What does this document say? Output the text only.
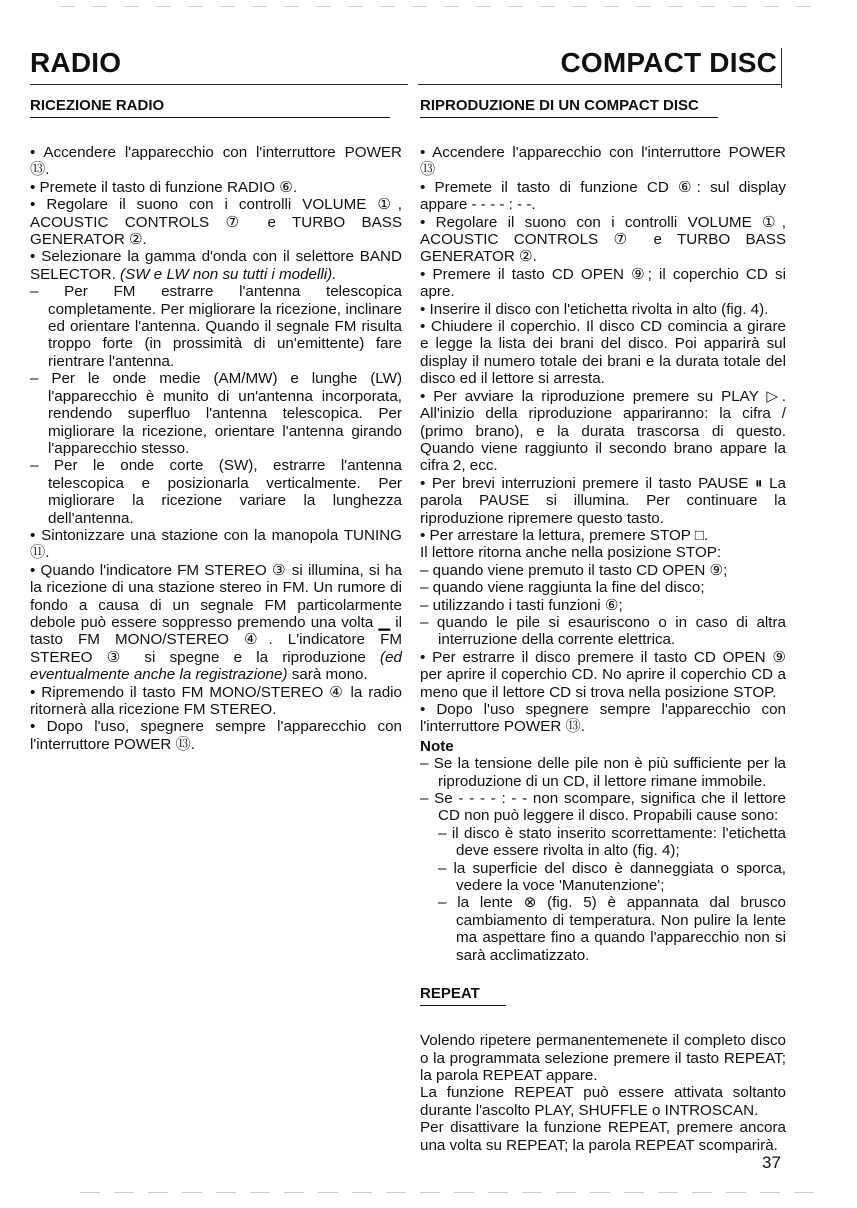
RADIO	COMPACT DISC
RICEZIONE RADIO

• Accendere l'apparecchio con l'interruttore POWER ⑬.

• Premete il tasto di funzione RADIO ⑥.

• Regolare il suono con i controlli VOLUME ①, ACOUSTIC CONTROLS ⑦ e TURBO BASS GENERATOR ②.

• Selezionare la gamma d'onda con il selettore BAND SELECTOR. (SW e LW non su tutti i modelli).

– Per FM estrarre l'antenna telescopica completamente. Per migliorare la ricezione, inclinare ed orientare l'antenna. Quando il segnale FM risulta troppo forte (in prossimità di un'emittente) fare rientrare l'antenna.

– Per le onde medie (AM/MW) e lunghe (LW) l'apparecchio è munito di un'antenna incorporata, rendendo superfluo l'antenna telescopica. Per migliorare la ricezione, orientare l'antenna girando l'apparecchio stesso.

– Per le onde corte (SW), estrarre l'antenna telescopica e posizionarla verticalmente. Per migliorare la ricezione variare la lunghezza dell'antenna.

• Sintonizzare una stazione con la manopola TUNING ⑪.

• Quando l'indicatore FM STEREO ③ si illumina, si ha la ricezione di una stazione stereo in FM. Un rumore di fondo a causa di un segnale FM particolarmente debole può essere soppresso premendo una volta ▁ il tasto FM MONO/STEREO ④. L'indicatore FM STEREO ③ si spegne e la riproduzione (ed eventualmente anche la registrazione) sarà mono.

• Ripremendo il tasto FM MONO/STEREO ④ la radio ritornerà alla ricezione FM STEREO.

• Dopo l'uso, spegnere sempre l'apparecchio con l'interruttore POWER ⑬.

RIPRODUZIONE DI UN COMPACT DISC

• Accendere l'apparecchio con l'interruttore POWER ⑬

• Premete il tasto di funzione CD ⑥: sul display appare - - - - : - -.

• Regolare il suono con i controlli VOLUME ①, ACOUSTIC CONTROLS ⑦ e TURBO BASS GENERATOR ②.

• Premere il tasto CD OPEN ⑨; il coperchio CD si apre.

• Inserire il disco con l'etichetta rivolta in alto (fig. 4).

• Chiudere il coperchio. Il disco CD comincia a girare e legge la lista dei brani del disco. Poi apparirà sul display il numero totale dei brani e la durata totale del disco ed il lettore si arresta.

• Per avviare la riproduzione premere su PLAY ▷. All'inizio della riproduzione appariranno: la cifra / (primo brano), e la durata trascorsa di questo. Quando viene raggiunto il secondo brano appare la cifra 2, ecc.

• Per brevi interruzioni premere il tasto PAUSE ⏸ La parola PAUSE si illumina. Per continuare la riproduzione ripremere questo tasto.

• Per arrestare la lettura, premere STOP □.

Il lettore ritorna anche nella posizione STOP:

– quando viene premuto il tasto CD OPEN ⑨;

– quando viene raggiunta la fine del disco;

– utilizzando i tasti funzioni ⑥;

– quando le pile si esauriscono o in caso di altra interruzione della corrente elettrica.

• Per estrarre il disco premere il tasto CD OPEN ⑨ per aprire il coperchio CD. No aprire il coperchio CD a meno que il lettore CD si trova nella posizione STOP.

• Dopo l'uso spegnere sempre l'apparecchio con l'interruttore POWER ⑬.

Note

– Se la tensione delle pile non è più sufficiente per la riproduzione di un CD, il lettore rimane immobile.

– Se - - - - : - - non scompare, significa che il lettore CD non può leggere il disco. Propabili cause sono:

– il disco è stato inserito scorrettamente: l'etichetta deve essere rivolta in alto (fig. 4);

– la superficie del disco è danneggiata o sporca, vedere la voce 'Manutenzione';

– la lente ⊗ (fig. 5) è appannata dal brusco cambiamento di temperatura. Non pulire la lente ma aspettare fino a quando l'apparecchio non si sarà acclimatizzato.

REPEAT

Volendo ripetere permanentemenete il completo disco o la programmata selezione premere il tasto REPEAT; la parola REPEAT appare.

La funzione REPEAT può essere attivata soltanto durante l'ascolto PLAY, SHUFFLE o INTROSCAN.

Per disattivare la funzione REPEAT, premere ancora una volta su REPEAT; la parola REPEAT scomparirà.

37
